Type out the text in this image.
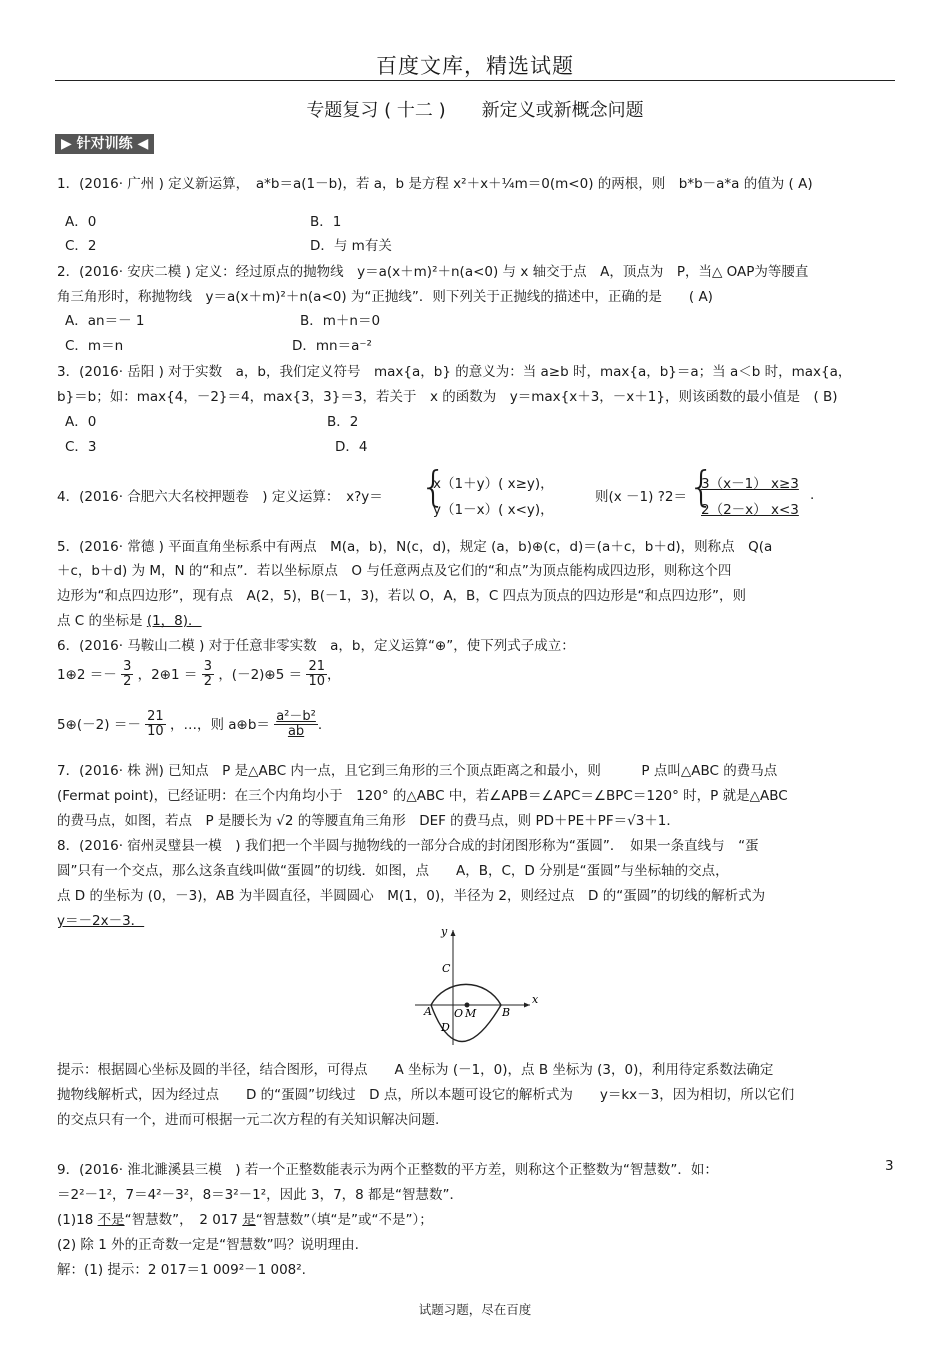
百度文库，精选试题
专题复习 ( 十二 )　　新定义或新概念问题
▶ 针对训练 ◀
1．(2016· 广州 ) 定义新运算，　a*b＝a(1－b)，若 a，b 是方程 x²＋x＋¼m＝0(m<0) 的两根，则　b*b－a*a 的值为 ( A)
A．0	B．1
C．2	D．与 m有关
2．(2016· 安庆二模 ) 定义：经过原点的抛物线　y＝a(x＋m)²＋n(a<0) 与 x 轴交于点　A，顶点为　P，当△ OAP为等腰直
角三角形时，称抛物线　y＝a(x＋m)²＋n(a<0) 为“正抛线”．则下列关于正抛线的描述中，正确的是　　( A)
A．an＝－ 1	B．m＋n＝0
C．m＝n	D．mn＝a⁻²
3．(2016· 岳阳 ) 对于实数　a，b，我们定义符号　max{a，b} 的意义为：当 a≥b 时，max{a，b}＝a；当 a＜b 时，max{a，
b}＝b；如：max{4，－2}＝4，max{3，3}＝3，若关于　x 的函数为　y＝max{x＋3，－x＋1}，则该函数的最小值是　( B)
A．0	B．2
C．3	D．4
4．(2016· 合肥六大名校押题卷　) 定义运算：　x?y＝ {
x（1＋y）( x≥y)，
y（1－x）( x<y)，
则(x －1) ?2＝ {
3（x－1） x≥3
2（2－x） x<3
.
5．(2016· 常德 ) 平面直角坐标系中有两点　M(a，b)，N(c，d)，规定 (a，b)⊕(c，d)＝(a＋c，b＋d)，则称点　Q(a
＋c，b＋d) 为 M，N 的“和点”．若以坐标原点　O 与任意两点及它们的“和点”为顶点能构成四边形，则称这个四
边形为“和点四边形”，现有点　A(2，5)，B(－1，3)，若以 O，A，B，C 四点为顶点的四边形是“和点四边形”，则
点 C 的坐标是 (1，8)．
6．(2016· 马鞍山二模 ) 对于任意非零实数　a，b，定义运算“⊕”，使下列式子成立：
1⊕2 ＝－ $\frac{3}{2}$ ，2⊕1 ＝ $\frac{3}{2}$ ，(－2)⊕5 ＝ $\frac{21}{10}$ ，
5⊕(－2) ＝－ $\frac{21}{10}$ ，…，则 a⊕b＝ $\frac{\text{a²－b²}}{ab}$ .
7．(2016· 株 洲) 已知点　P 是△ABC 内一点，且它到三角形的三个顶点距离之和最小，则　　　P 点叫△ABC 的费马点
(Fermat point)，已经证明：在三个内角均小于　120° 的△ABC 中，若∠APB＝∠APC＝∠BPC＝120° 时，P 就是△ABC
的费马点，如图，若点　P 是腰长为 √2 的等腰直角三角形　DEF 的费马点，则 PD＋PE＋PF＝√3＋1．
8．(2016· 宿州灵璧县一模　) 我们把一个半圆与抛物线的一部分合成的封闭图形称为“蛋圆”．　如果一条直线与　“蛋
圆”只有一个交点，那么这条直线叫做“蛋圆”的切线．如图，点　　A，B，C，D 分别是“蛋圆”与坐标轴的交点，
点 D 的坐标为 (0，－3)，AB 为半圆直径，半圆圆心　M(1，0)，半径为 2，则经过点　D 的“蛋圆”的切线的解析式为
y＝－2x－3．
x
y
A	B
C
D
O M
提示：根据圆心坐标及圆的半径，结合图形，可得点　　A 坐标为 (－1，0)，点 B 坐标为 (3，0)，利用待定系数法确定
抛物线解析式，因为经过点　　D 的“蛋圆”切线过　D 点，所以本题可设它的解析式为　　y＝kx－3，因为相切，所以它们
的交点只有一个，进而可根据一元二次方程的有关知识解决问题.
9．(2016· 淮北濉溪县三模　) 若一个正整数能表示为两个正整数的平方差，则称这个正整数为“智慧数”．如：	3
＝2²－1²，7＝4²－3²，8＝3²－1²，因此 3，7，8 都是“智慧数”．
(1)18 不是“智慧数”，　2 017 是“智慧数”（填“是”或“不是”）；
(2) 除 1 外的正奇数一定是“智慧数”吗？说明理由.
解：(1) 提示：2 017＝1 009²－1 008².
试题习题，尽在百度
